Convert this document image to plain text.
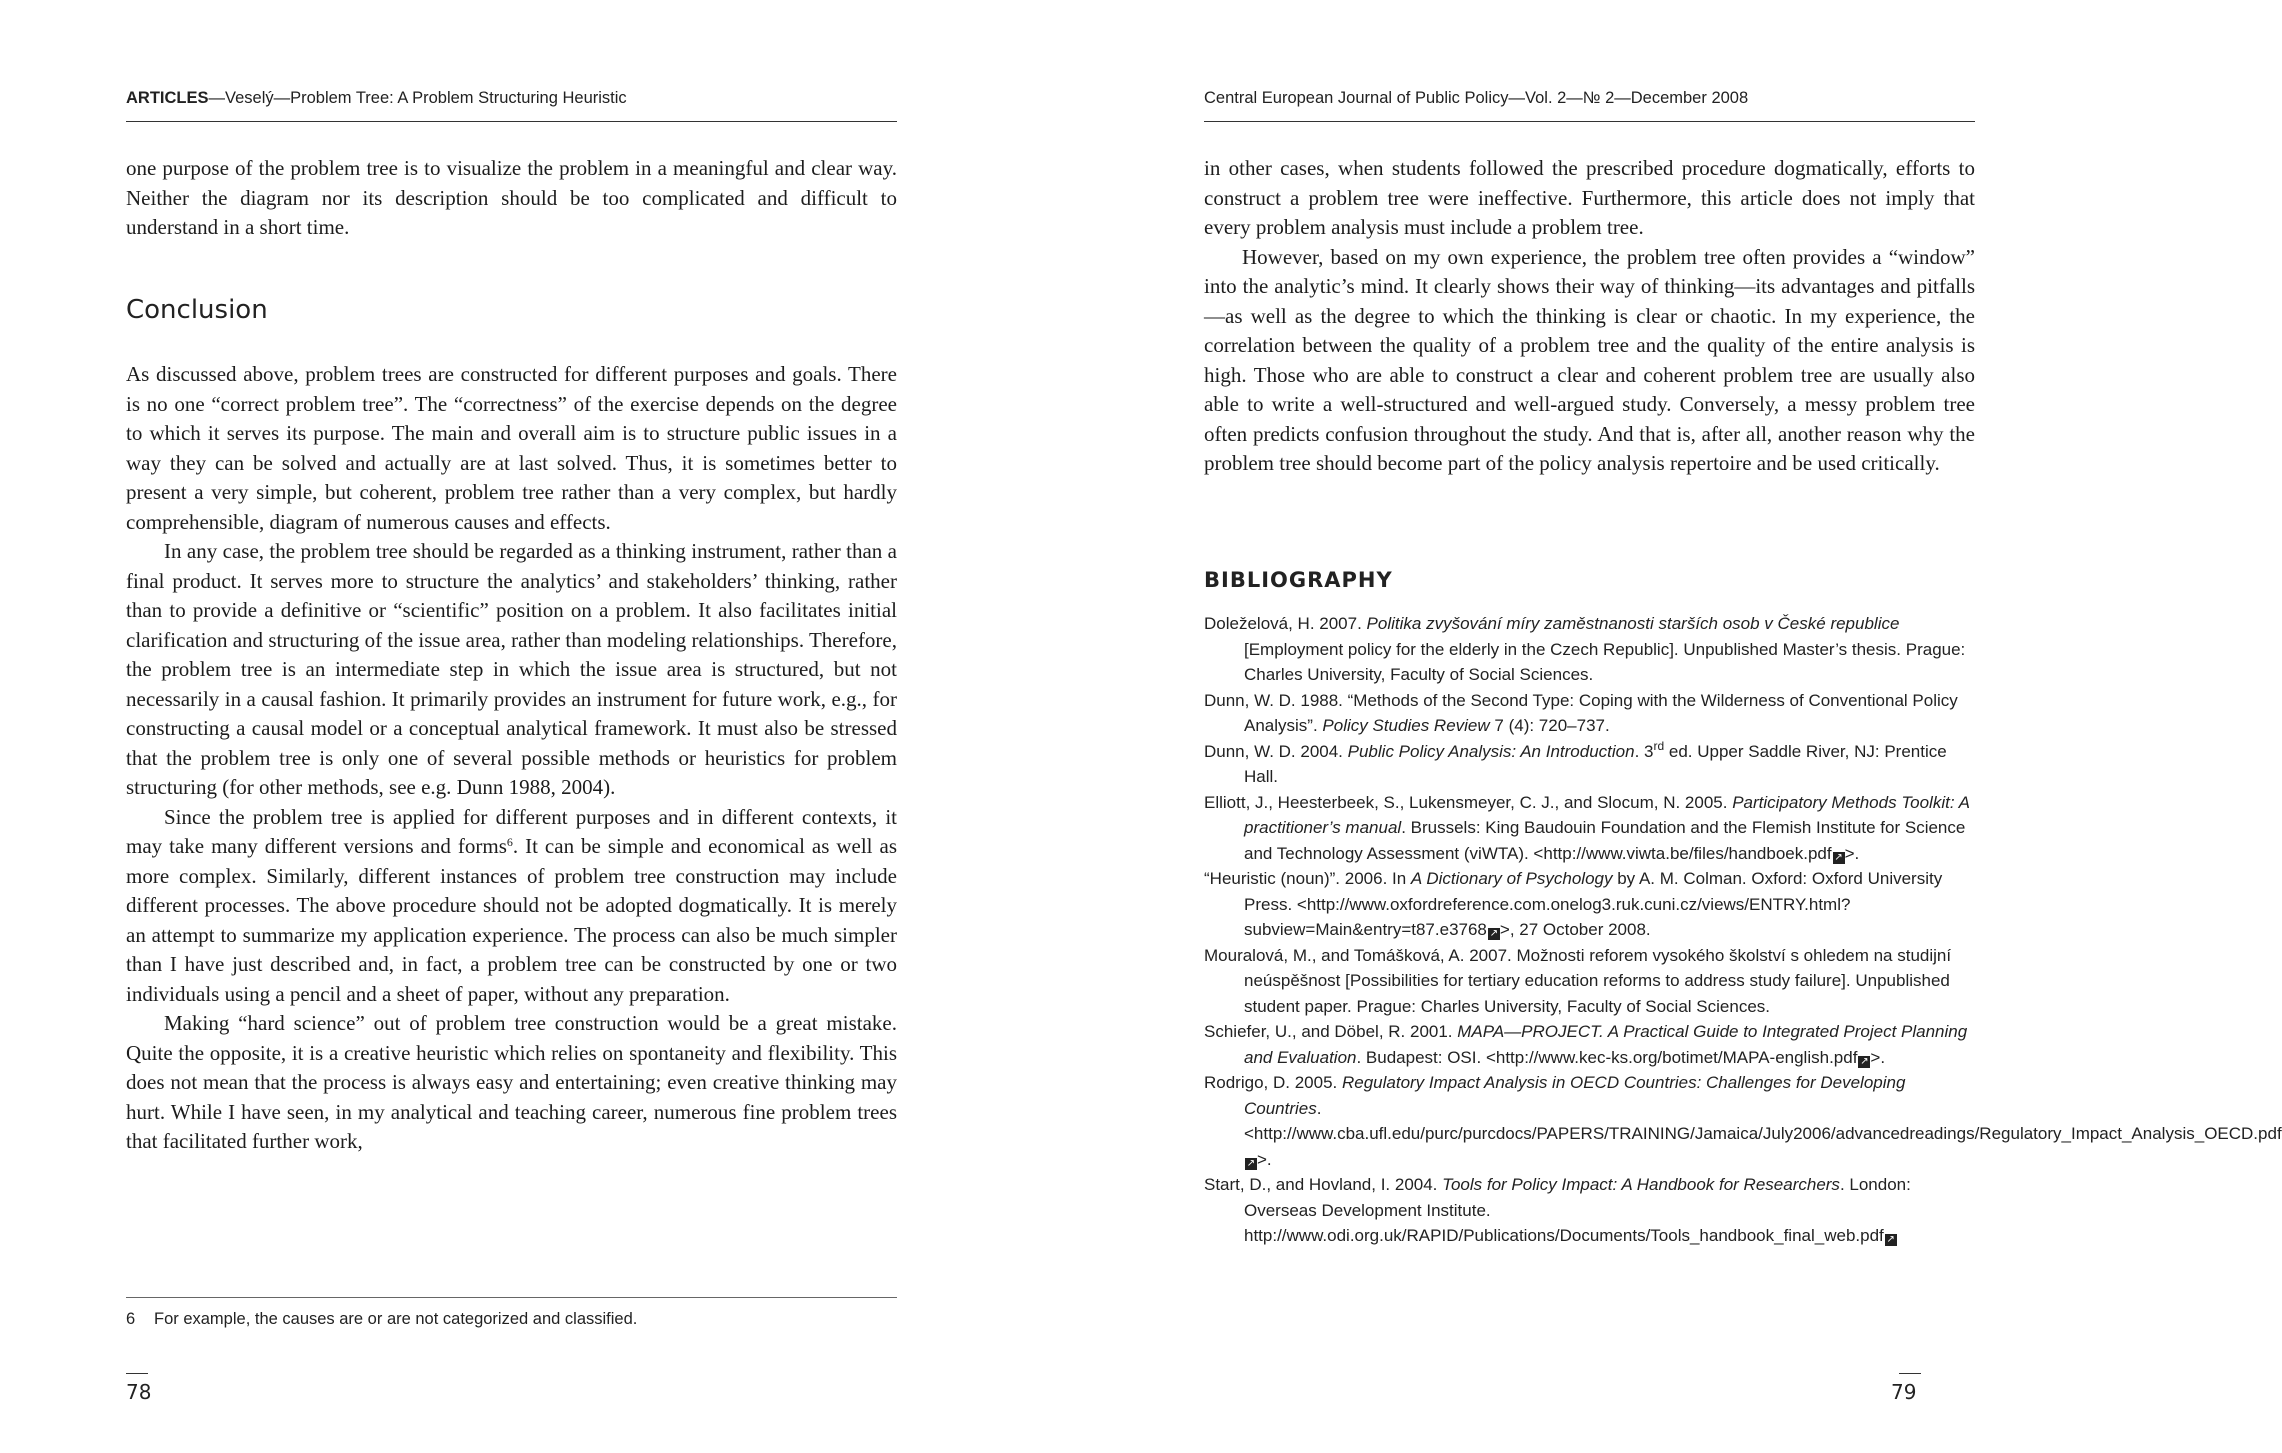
ARTICLES—Veselý—Problem Tree: A Problem Structuring Heuristic

one purpose of the problem tree is to visualize the problem in a meaningful and clear way. Neither the diagram nor its description should be too complicated and difficult to understand in a short time.

Conclusion

As discussed above, problem trees are constructed for different purposes and goals. There is no one “correct problem tree”. The “correctness” of the exercise depends on the degree to which it serves its purpose. The main and overall aim is to structure public issues in a way they can be solved and actually are at last solved. Thus, it is sometimes better to present a very simple, but coherent, problem tree rather than a very complex, but hardly comprehensible, diagram of numerous causes and effects.

In any case, the problem tree should be regarded as a thinking instrument, rather than a final product. It serves more to structure the analytics’ and stakeholders’ thinking, rather than to provide a definitive or “scientific” position on a problem. It also facilitates initial clarification and structuring of the issue area, rather than modeling relationships. Therefore, the problem tree is an intermediate step in which the issue area is structured, but not necessarily in a causal fashion. It primarily provides an instrument for future work, e.g., for constructing a causal model or a conceptual analytical framework. It must also be stressed that the problem tree is only one of several possible methods or heuristics for problem structuring (for other methods, see e.g. Dunn 1988, 2004).

Since the problem tree is applied for different purposes and in different contexts, it may take many different versions and forms$^6$. It can be simple and economical as well as more complex. Similarly, different instances of problem tree construction may include different processes. The above procedure should not be adopted dogmatically. It is merely an attempt to summarize my application experience. The process can also be much simpler than I have just described and, in fact, a problem tree can be constructed by one or two individuals using a pencil and a sheet of paper, without any preparation.

Making “hard science” out of problem tree construction would be a great mistake. Quite the opposite, it is a creative heuristic which relies on spontaneity and flexibility. This does not mean that the process is always easy and entertaining; even creative thinking may hurt. While I have seen, in my analytical and teaching career, numerous fine problem trees that facilitated further work,

6 For example, the causes are or are not categorized and classified.
78
Central European Journal of Public Policy—Vol. 2—№ 2—December 2008

in other cases, when students followed the prescribed procedure dogmatically, efforts to construct a problem tree were ineffective. Furthermore, this article does not imply that every problem analysis must include a problem tree.

However, based on my own experience, the problem tree often provides a “window” into the analytic’s mind. It clearly shows their way of thinking—its advantages and pitfalls—as well as the degree to which the thinking is clear or chaotic. In my experience, the correlation between the quality of a problem tree and the quality of the entire analysis is high. Those who are able to construct a clear and coherent problem tree are usually also able to write a well-structured and well-argued study. Conversely, a messy problem tree often predicts confusion throughout the study. And that is, after all, another reason why the problem tree should become part of the policy analysis repertoire and be used critically.

BIBLIOGRAPHY
Doleželová, H. 2007. Politika zvyšování míry zaměstnanosti starších osob v České republice [Employment policy for the elderly in the Czech Republic]. Unpublished Master’s thesis. Prague: Charles University, Faculty of Social Sciences.
Dunn, W. D. 1988. “Methods of the Second Type: Coping with the Wilderness of Conventional Policy Analysis”. Policy Studies Review 7 (4): 720–737.
Dunn, W. D. 2004. Public Policy Analysis: An Introduction. 3rd ed. Upper Saddle River, NJ: Prentice Hall.
Elliott, J., Heesterbeek, S., Lukensmeyer, C. J., and Slocum, N. 2005. Participatory Methods Toolkit: A practitioner’s manual. Brussels: King Baudouin Foundation and the Flemish Institute for Science and Technology Assessment (viWTA). <http://www.viwta.be/files/handboek.pdf ↗ >.
“Heuristic (noun)”. 2006. In A Dictionary of Psychology by A. M. Colman. Oxford: Oxford University Press. <http://www.oxfordreference.com.onelog3.ruk.cuni.cz/views/ENTRY.html?subview=Main&entry=t87.e3768 ↗ >, 27 October 2008.
Mouralová, M., and Tomášková, A. 2007. Možnosti reforem vysokého školství s ohledem na studijní neúspěšnost [Possibilities for tertiary education reforms to address study failure]. Unpublished student paper. Prague: Charles University, Faculty of Social Sciences.
Schiefer, U., and Döbel, R. 2001. MAPA—PROJECT. A Practical Guide to Integrated Project Planning and Evaluation. Budapest: OSI. <http://www.kec-ks.org/botimet/MAPA-english.pdf ↗ >.
Rodrigo, D. 2005. Regulatory Impact Analysis in OECD Countries: Challenges for Developing Countries. <http://www.cba.ufl.edu/purc/purcdocs/PAPERS/TRAINING/Jamaica/July2006/advancedreadings/Regulatory_Impact_Analysis_OECD.pdf↗ >.
Start, D., and Hovland, I. 2004. Tools for Policy Impact: A Handbook for Researchers. London: Overseas Development Institute. http://www.odi.org.uk/RAPID/Publications/Documents/Tools_handbook_final_web.pdf ↗
79
